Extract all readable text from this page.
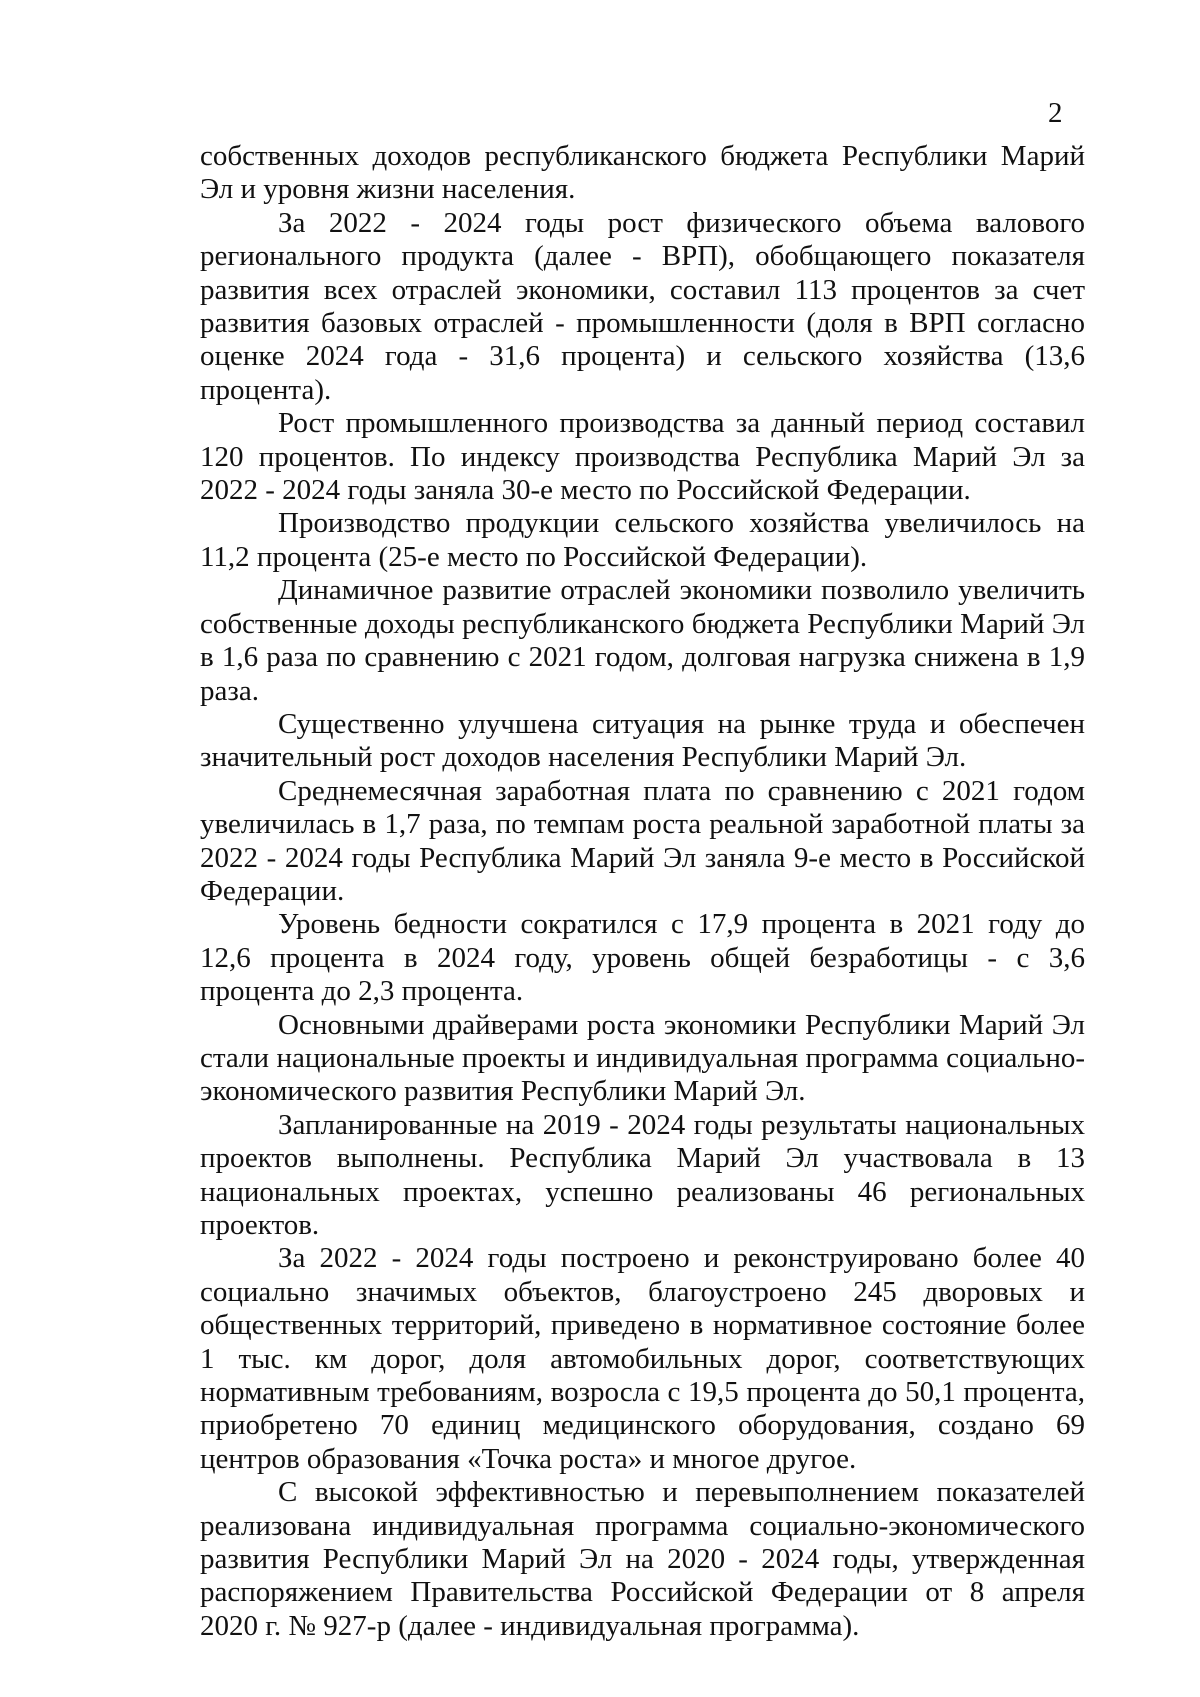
2

собственных доходов республиканского бюджета Республики Марий Эл и уровня жизни населения.

За 2022 - 2024 годы рост физического объема валового регионального продукта (далее - ВРП), обобщающего показателя развития всех отраслей экономики, составил 113 процентов за счет развития базовых отраслей - промышленности (доля в ВРП согласно оценке 2024 года - 31,6 процента) и сельского хозяйства (13,6 процента).

Рост промышленного производства за данный период составил 120 процентов. По индексу производства Республика Марий Эл за 2022 - 2024 годы заняла 30-е место по Российской Федерации.

Производство продукции сельского хозяйства увеличилось на 11,2 процента (25-е место по Российской Федерации).

Динамичное развитие отраслей экономики позволило увеличить собственные доходы республиканского бюджета Республики Марий Эл в 1,6 раза по сравнению с 2021 годом, долговая нагрузка снижена в 1,9 раза.

Существенно улучшена ситуация на рынке труда и обеспечен значительный рост доходов населения Республики Марий Эл.

Среднемесячная заработная плата по сравнению с 2021 годом увеличилась в 1,7 раза, по темпам роста реальной заработной платы за 2022 - 2024 годы Республика Марий Эл заняла 9-е место в Российской Федерации.

Уровень бедности сократился с 17,9 процента в 2021 году до 12,6 процента в 2024 году, уровень общей безработицы - с 3,6 процента до 2,3 процента.

Основными драйверами роста экономики Республики Марий Эл стали национальные проекты и индивидуальная программа социально-экономического развития Республики Марий Эл.

Запланированные на 2019 - 2024 годы результаты национальных проектов выполнены. Республика Марий Эл участвовала в 13 национальных проектах, успешно реализованы 46 региональных проектов.

За 2022 - 2024 годы построено и реконструировано более 40 социально значимых объектов, благоустроено 245 дворовых и общественных территорий, приведено в нормативное состояние более 1 тыс. км дорог, доля автомобильных дорог, соответствующих нормативным требованиям, возросла с 19,5 процента до 50,1 процента, приобретено 70 единиц медицинского оборудования, создано 69 центров образования «Точка роста» и многое другое.

С высокой эффективностью и перевыполнением показателей реализована индивидуальная программа социально-экономического развития Республики Марий Эл на 2020 - 2024 годы, утвержденная распоряжением Правительства Российской Федерации от 8 апреля 2020 г. № 927-р (далее - индивидуальная программа).
